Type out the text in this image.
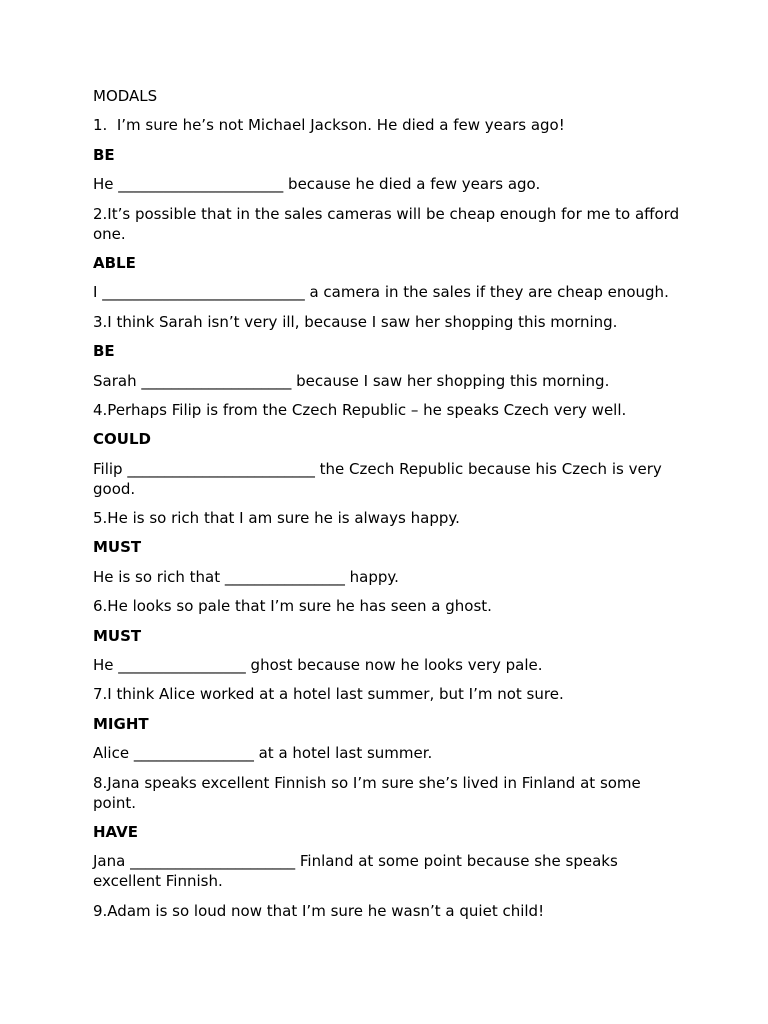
MODALS
1.  I’m sure he’s not Michael Jackson. He died a few years ago!
BE
He ______________________ because he died a few years ago.
2.It’s possible that in the sales cameras will be cheap enough for me to afford one.
ABLE
I ___________________________ a camera in the sales if they are cheap enough.
3.I think Sarah isn’t very ill, because I saw her shopping this morning.
BE
Sarah ____________________ because I saw her shopping this morning.
4.Perhaps Filip is from the Czech Republic – he speaks Czech very well.
COULD
Filip _________________________ the Czech Republic because his Czech is very good.
5.He is so rich that I am sure he is always happy.
MUST
He is so rich that ________________ happy.
6.He looks so pale that I’m sure he has seen a ghost.
MUST
He _________________ ghost because now he looks very pale.
7.I think Alice worked at a hotel last summer, but I’m not sure.
MIGHT
Alice ________________ at a hotel last summer.
8.Jana speaks excellent Finnish so I’m sure she’s lived in Finland at some point.
HAVE
Jana ______________________ Finland at some point because she speaks excellent Finnish.
9.Adam is so loud now that I’m sure he wasn’t a quiet child!
